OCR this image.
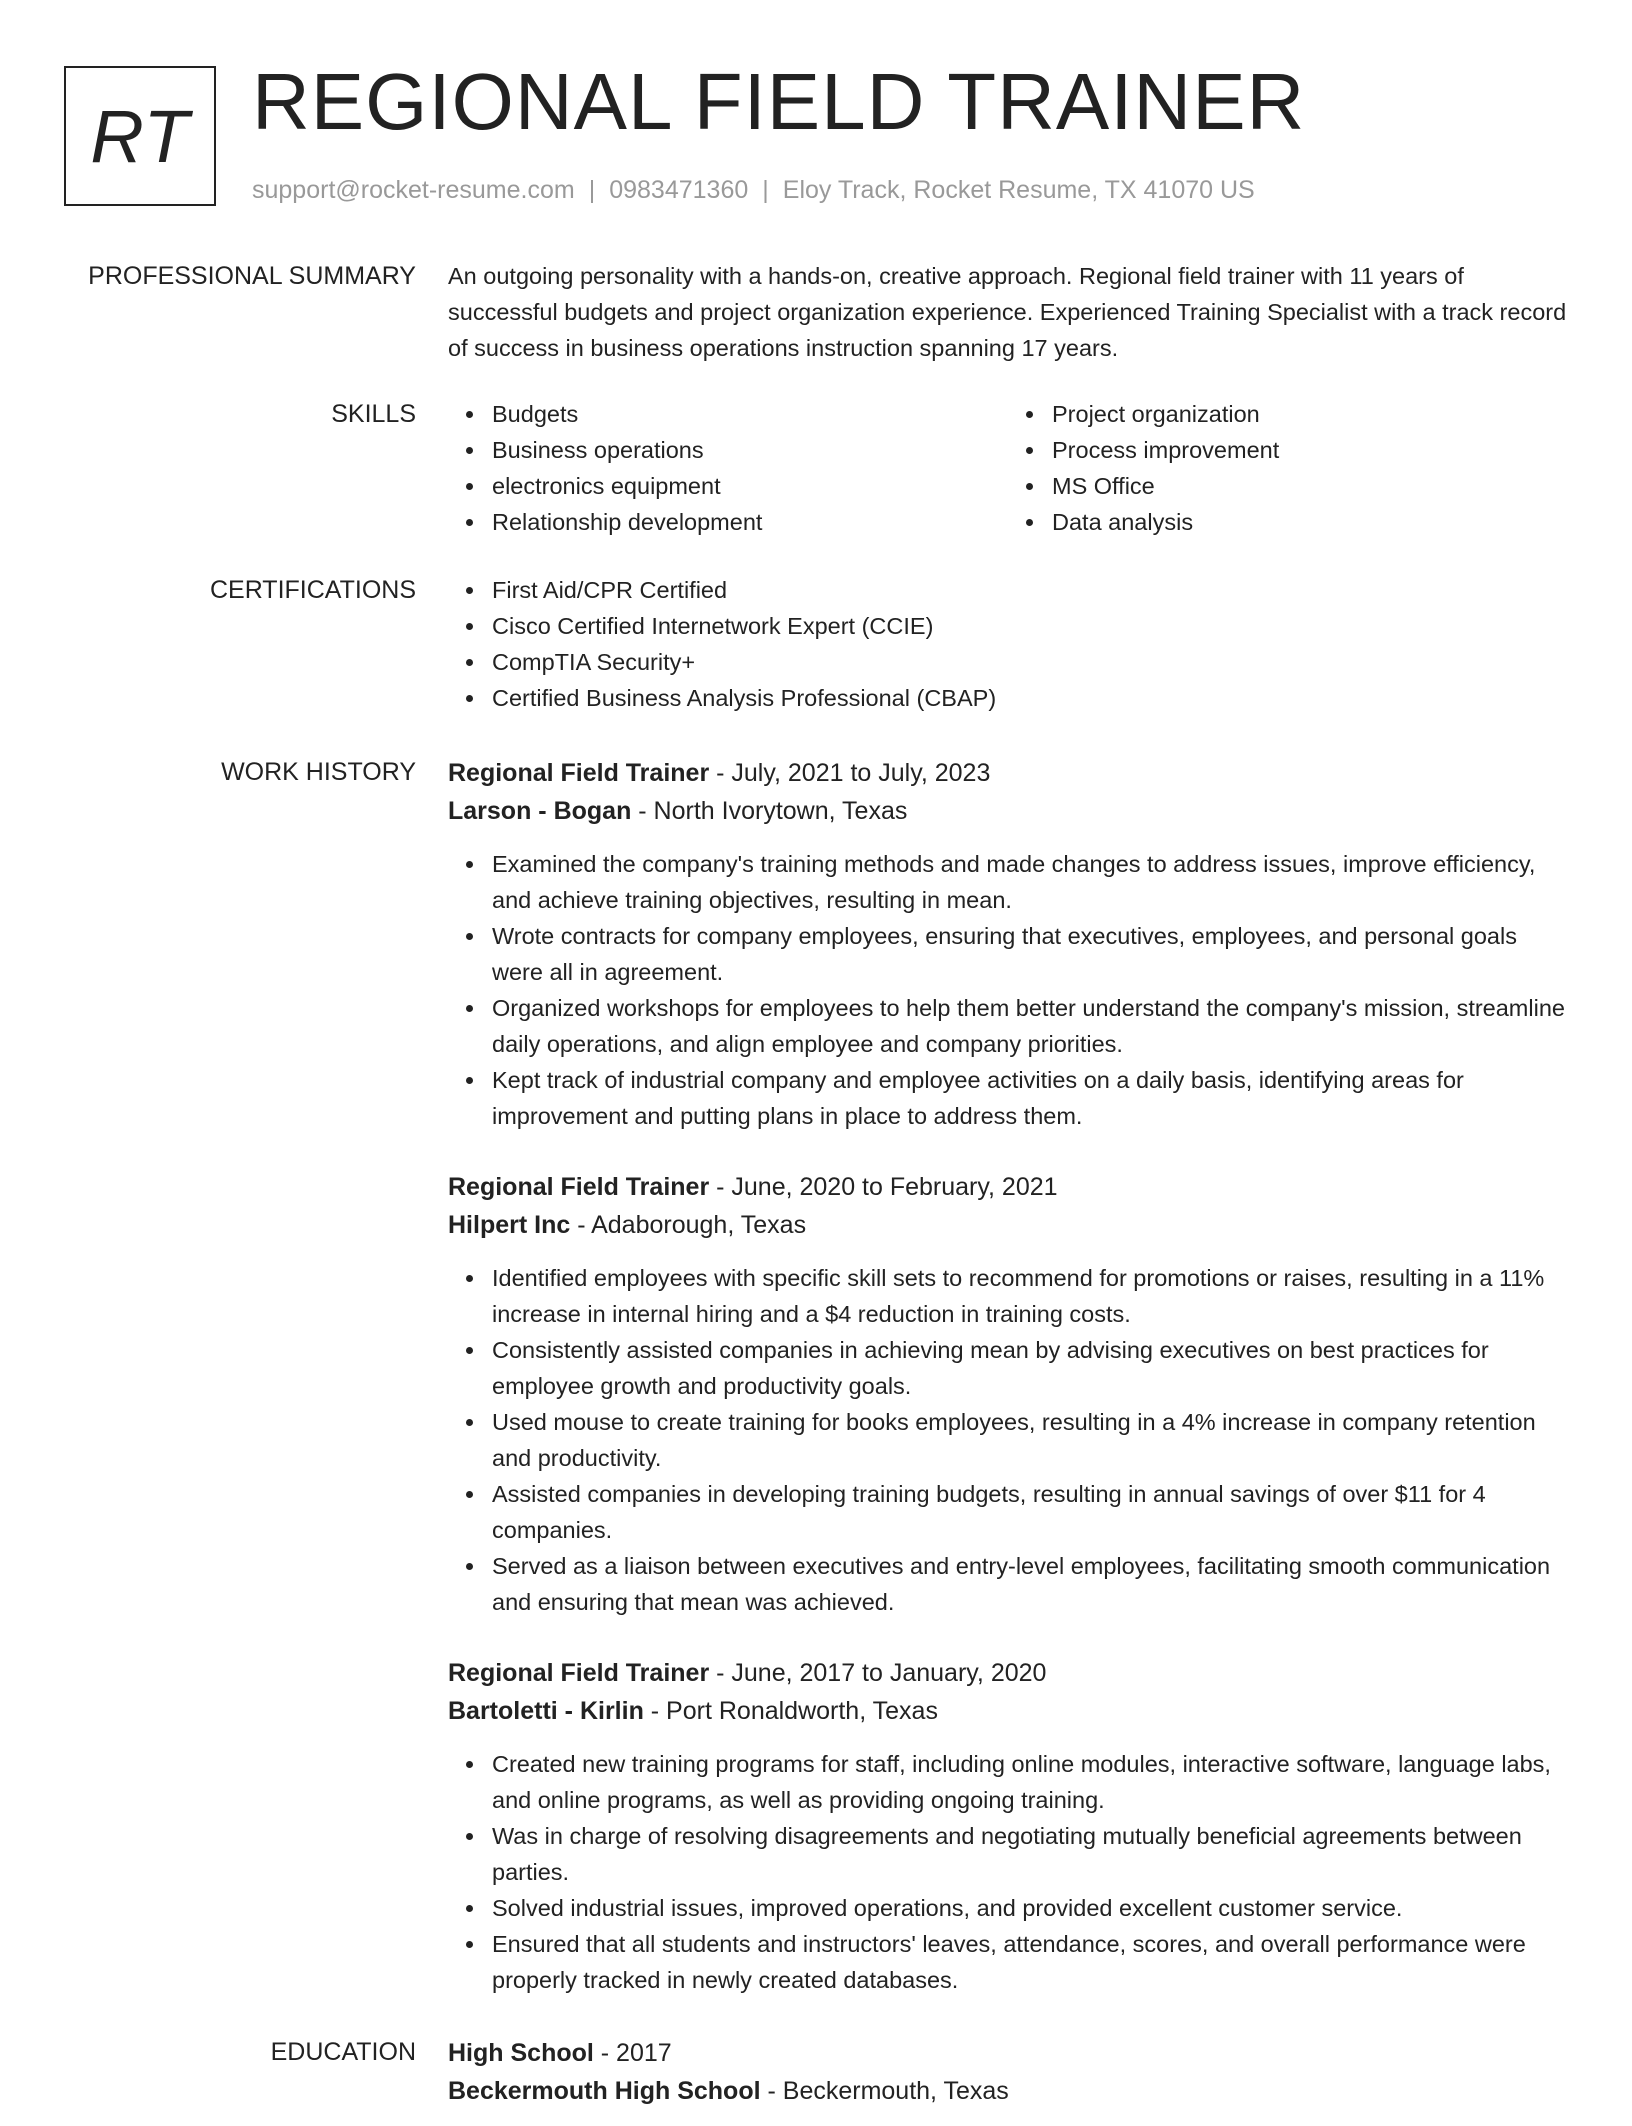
RT REGIONAL FIELD TRAINER
support@rocket-resume.com | 0983471360 | Eloy Track, Rocket Resume, TX 41070 US
PROFESSIONAL SUMMARY An outgoing personality with a hands-on, creative approach. Regional field trainer with 11 years of successful budgets and project organization experience. Experienced Training Specialist with a track record of success in business operations instruction spanning 17 years.

SKILLS	Budgets
Business operations
electronics equipment
Relationship development
Project organization
Process improvement
MS Office
Data analysis
CERTIFICATIONS	First Aid/CPR Certified
Cisco Certified Internetwork Expert (CCIE)
CompTIA Security+
Certified Business Analysis Professional (CBAP)
WORK HISTORY Regional Field Trainer - July, 2021 to July, 2023
Larson - Bogan - North Ivorytown, Texas
Examined the company's training methods and made changes to address issues, improve efficiency, and achieve training objectives, resulting in mean.
Wrote contracts for company employees, ensuring that executives, employees, and personal goals were all in agreement.
Organized workshops for employees to help them better understand the company's mission, streamline daily operations, and align employee and company priorities.
Kept track of industrial company and employee activities on a daily basis, identifying areas for improvement and putting plans in place to address them.
Regional Field Trainer - June, 2020 to February, 2021
Hilpert Inc - Adaborough, Texas
Identified employees with specific skill sets to recommend for promotions or raises, resulting in a 11% increase in internal hiring and a $4 reduction in training costs.
Consistently assisted companies in achieving mean by advising executives on best practices for employee growth and productivity goals.
Used mouse to create training for books employees, resulting in a 4% increase in company retention and productivity.
Assisted companies in developing training budgets, resulting in annual savings of over $11 for 4 companies.
Served as a liaison between executives and entry-level employees, facilitating smooth communication and ensuring that mean was achieved.
Regional Field Trainer - June, 2017 to January, 2020
Bartoletti - Kirlin - Port Ronaldworth, Texas
Created new training programs for staff, including online modules, interactive software, language labs, and online programs, as well as providing ongoing training.
Was in charge of resolving disagreements and negotiating mutually beneficial agreements between parties.
Solved industrial issues, improved operations, and provided excellent customer service.
Ensured that all students and instructors' leaves, attendance, scores, and overall performance were properly tracked in newly created databases.
EDUCATION High School - 2017
Beckermouth High School - Beckermouth, Texas
